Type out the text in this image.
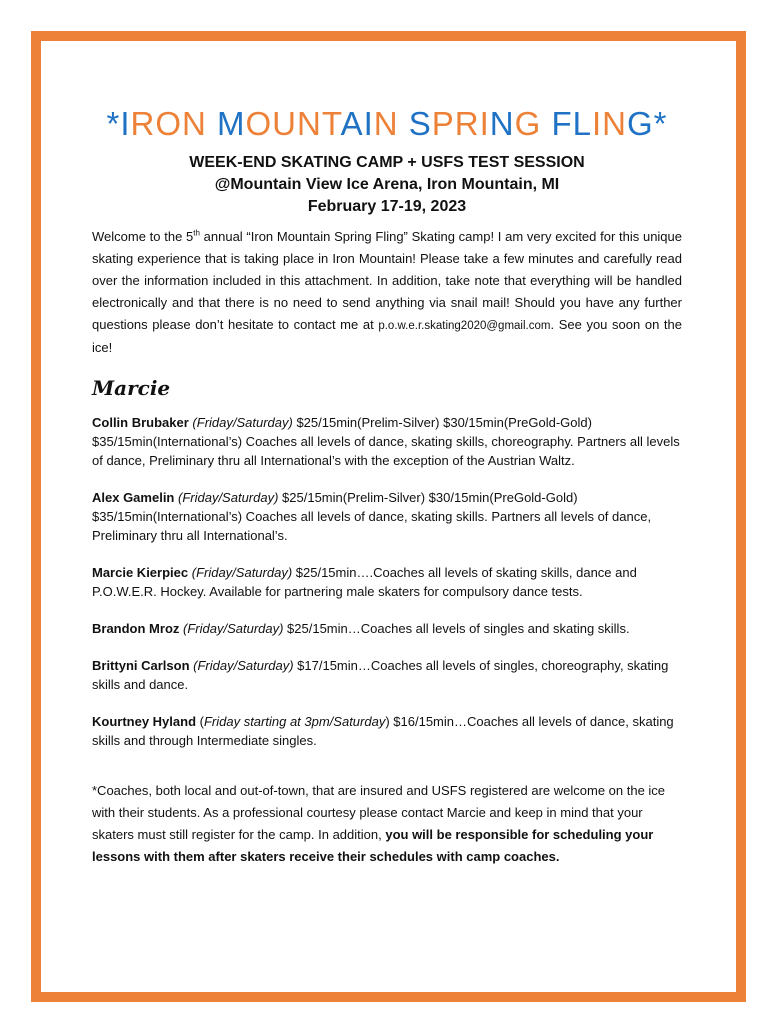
*IRON MOUNTAIN SPRING FLING*

WEEK-END SKATING CAMP + USFS TEST SESSION

@Mountain View Ice Arena, Iron Mountain, MI

February 17-19, 2023

Welcome to the 5th annual “Iron Mountain Spring Fling” Skating camp! I am very excited for this unique skating experience that is taking place in Iron Mountain! Please take a few minutes and carefully read over the information included in this attachment. In addition, take note that everything will be handled electronically and that there is no need to send anything via snail mail! Should you have any further questions please don’t hesitate to contact me at p.o.w.e.r.skating2020@gmail.com. See you soon on the ice!

Marcie

Collin Brubaker (Friday/Saturday) $25/15min(Prelim-Silver) $30/15min(PreGold-Gold) $35/15min(International’s) Coaches all levels of dance, skating skills, choreography. Partners all levels of dance, Preliminary thru all International’s with the exception of the Austrian Waltz.

Alex Gamelin (Friday/Saturday) $25/15min(Prelim-Silver) $30/15min(PreGold-Gold) $35/15min(International’s) Coaches all levels of dance, skating skills. Partners all levels of dance, Preliminary thru all International’s.

Marcie Kierpiec (Friday/Saturday) $25/15min….Coaches all levels of skating skills, dance and P.O.W.E.R. Hockey. Available for partnering male skaters for compulsory dance tests.

Brandon Mroz (Friday/Saturday) $25/15min…Coaches all levels of singles and skating skills.

Brittyni Carlson (Friday/Saturday) $17/15min…Coaches all levels of singles, choreography, skating skills and dance.

Kourtney Hyland (Friday starting at 3pm/Saturday) $16/15min…Coaches all levels of dance, skating skills and through Intermediate singles.

*Coaches, both local and out-of-town, that are insured and USFS registered are welcome on the ice with their students. As a professional courtesy please contact Marcie and keep in mind that your skaters must still register for the camp. In addition, you will be responsible for scheduling your lessons with them after skaters receive their schedules with camp coaches.
